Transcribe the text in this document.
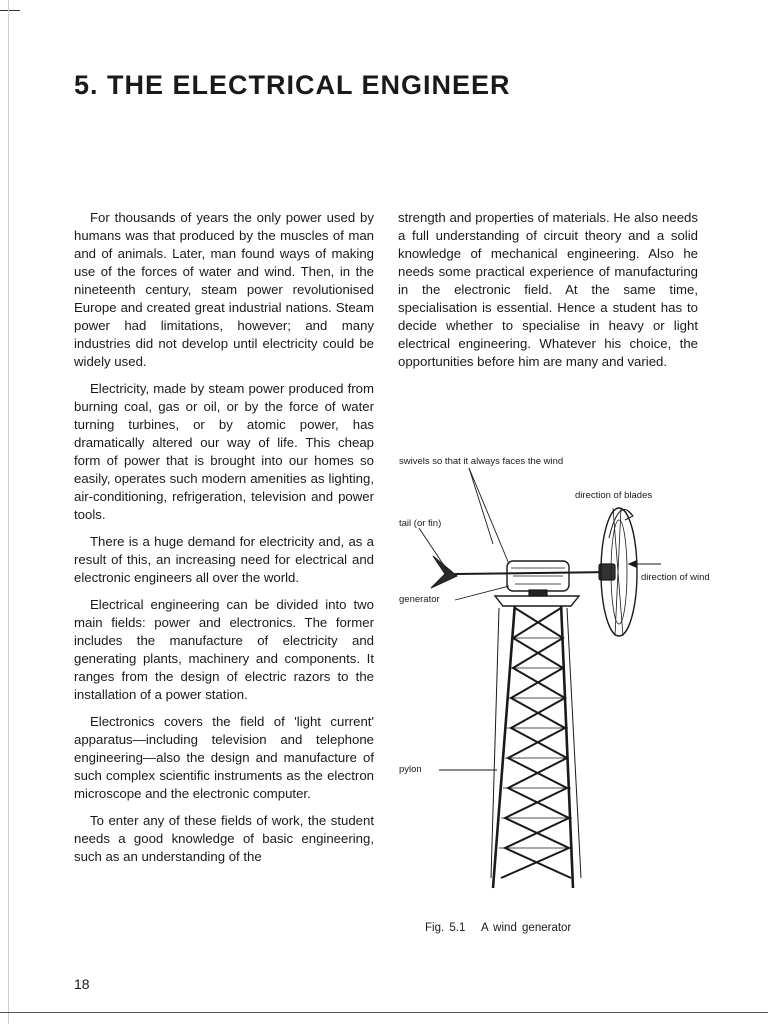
5. THE ELECTRICAL ENGINEER

For thousands of years the only power used by humans was that produced by the muscles of man and of animals. Later, man found ways of making use of the forces of water and wind. Then, in the nineteenth century, steam power revolutionised Europe and created great industrial nations. Steam power had limitations, however; and many industries did not develop until electricity could be widely used.

Electricity, made by steam power produced from burning coal, gas or oil, or by the force of water turning turbines, or by atomic power, has dramatically altered our way of life. This cheap form of power that is brought into our homes so easily, operates such modern amenities as lighting, air-conditioning, refrigeration, television and power tools.

There is a huge demand for electricity and, as a result of this, an increasing need for electrical and electronic engineers all over the world.

Electrical engineering can be divided into two main fields: power and electronics. The former includes the manufacture of electricity and generating plants, machinery and components. It ranges from the design of electric razors to the installation of a power station.

Electronics covers the field of 'light current' apparatus—including television and telephone engineering—also the design and manufacture of such complex scientific instruments as the electron microscope and the electronic computer.

To enter any of these fields of work, the student needs a good knowledge of basic engineering, such as an understanding of the

strength and properties of materials. He also needs a full understanding of circuit theory and a solid knowledge of mechanical engineering. Also he needs some practical experience of manufacturing in the electronic field. At the same time, specialisation is essential. Hence a student has to decide whether to specialise in heavy or light electrical engineering. Whatever his choice, the opportunities before him are many and varied.

swivels so that it always faces the wind
direction of blades
tail (or fin)
direction of wind
generator
pylon
Fig. 5.1 A wind generator
18
